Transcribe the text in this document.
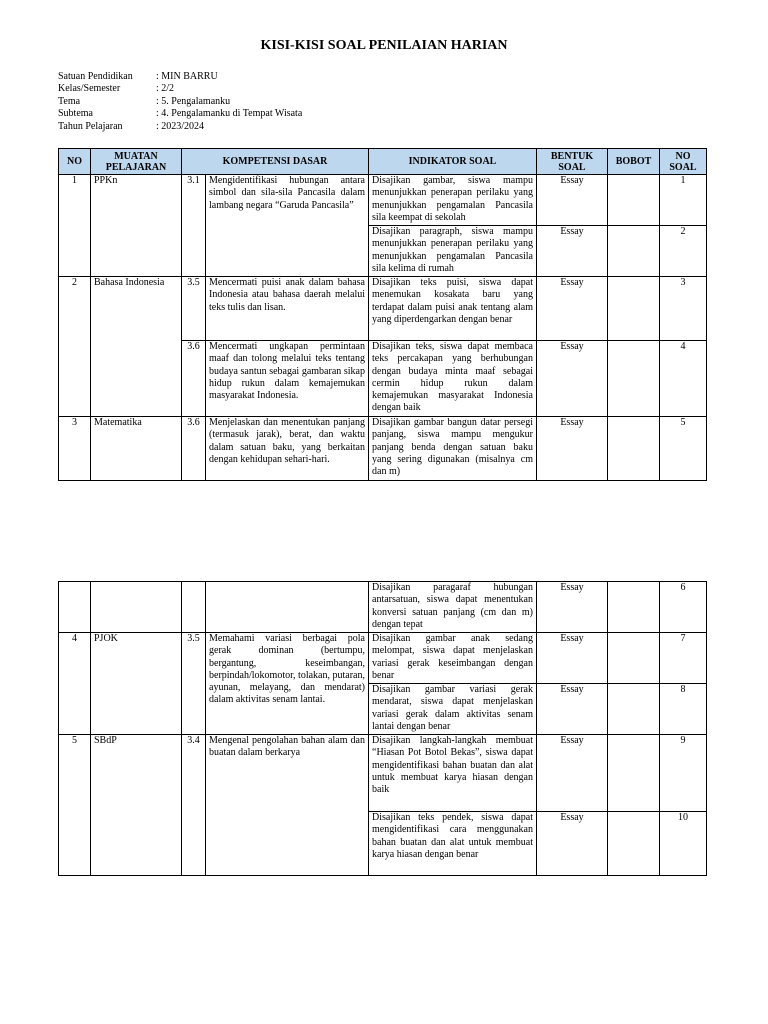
KISI-KISI SOAL PENILAIAN HARIAN
Satuan Pendidikan	: MIN BARRU
Kelas/Semester	: 2/2
Tema	: 5. Pengalamanku
Subtema	: 4. Pengalamanku di Tempat Wisata
Tahun Pelajaran	: 2023/2024
NO	MUATAN PELAJARAN	KOMPETENSI DASAR		INDIKATOR SOAL	BENTUK SOAL	BOBOT	NO SOAL
1	PPKn	3.1	Mengidentifikasi hubungan antara simbol dan sila-sila Pancasila dalam lambang negara “Garuda Pancasila”	Disajikan gambar, siswa mampu menunjukkan penerapan perilaku yang menunjukkan pengamalan Pancasila sila keempat di sekolah	Essay		1
				Disajikan paragraph, siswa mampu menunjukkan penerapan perilaku yang menunjukkan pengamalan Pancasila sila kelima di rumah	Essay		2
2	Bahasa Indonesia	3.5	Mencermati puisi anak dalam bahasa Indonesia atau bahasa daerah melalui teks tulis dan lisan.	Disajikan teks puisi, siswa dapat menemukan kosakata baru yang terdapat dalam puisi anak tentang alam yang diperdengarkan dengan benar	Essay		3
		3.6	Mencermati ungkapan permintaan maaf dan tolong melalui teks tentang budaya santun sebagai gambaran sikap hidup rukun dalam kemajemukan masyarakat Indonesia.	Disajikan teks, siswa dapat membaca teks percakapan yang berhubungan dengan budaya minta maaf sebagai cermin hidup rukun dalam kemajemukan masyarakat Indonesia dengan baik	Essay		4
3	Matematika	3.6	Menjelaskan dan menentukan panjang (termasuk jarak), berat, dan waktu dalam satuan baku, yang berkaitan dengan kehidupan sehari-hari.	Disajikan gambar bangun datar persegi panjang, siswa mampu mengukur panjang benda dengan satuan baku yang sering digunakan (misalnya cm dan m)	Essay		5
				Disajikan paragaraf hubungan antarsatuan, siswa dapat menentukan konversi satuan panjang (cm dan m) dengan tepat	Essay		6
4	PJOK	3.5	Memahami variasi berbagai pola gerak dominan (bertumpu, bergantung, keseimbangan, berpindah/lokomotor, tolakan, putaran, ayunan, melayang, dan mendarat) dalam aktivitas senam lantai.	Disajikan gambar anak sedang melompat, siswa dapat menjelaskan variasi gerak keseimbangan dengan benar	Essay		7
				Disajikan gambar variasi gerak mendarat, siswa dapat menjelaskan variasi gerak dalam aktivitas senam lantai dengan benar	Essay		8
5	SBdP	3.4	Mengenal pengolahan bahan alam dan buatan dalam berkarya	Disajikan langkah-langkah membuat “Hiasan Pot Botol Bekas”, siswa dapat mengidentifikasi bahan buatan dan alat untuk membuat karya hiasan dengan baik	Essay		9
				Disajikan teks pendek, siswa dapat mengidentifikasi cara menggunakan bahan buatan dan alat untuk membuat karya hiasan dengan benar	Essay		10
